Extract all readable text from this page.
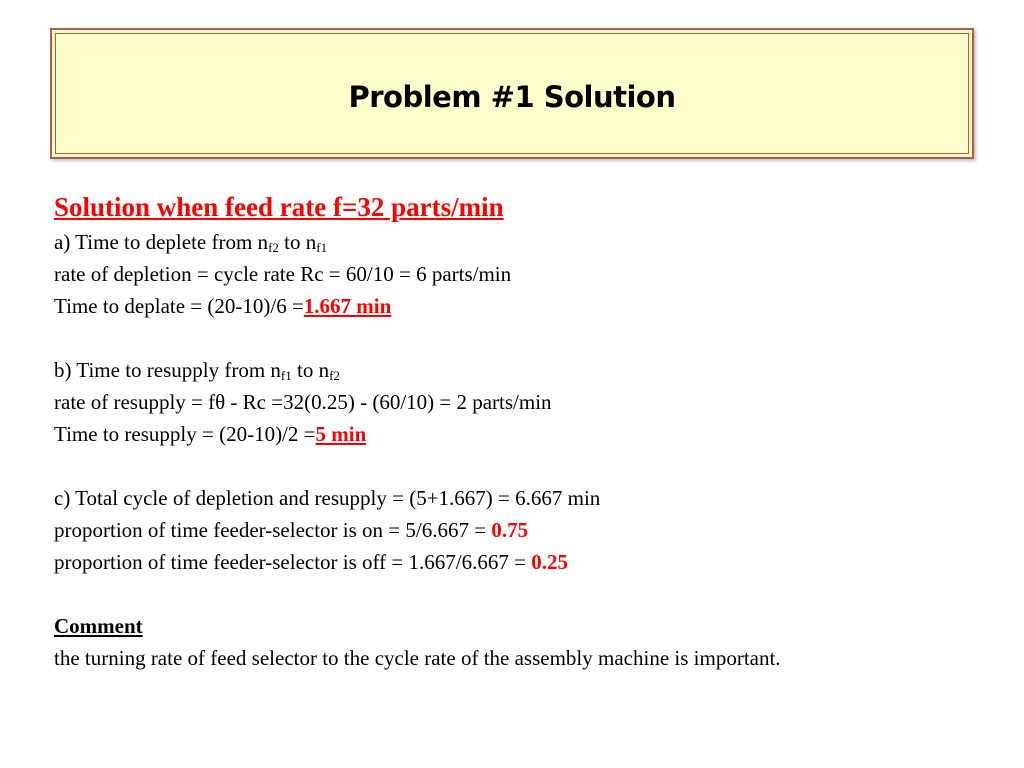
Problem #1 Solution
Solution when feed rate f=32 parts/min
a) Time to deplete from $n_{f2}$ to $n_{f1}$
rate of depletion = cycle rate Rc = 60/10 = 6 parts/min
Time to deplate = (20-10)/6 =1.667 min
b) Time to resupply from $n_{f1}$ to $n_{f2}$
rate of resupply = fθ - Rc =32(0.25) - (60/10) = 2 parts/min
Time to resupply = (20-10)/2 =5 min
c) Total cycle of depletion and resupply = (5+1.667) = 6.667 min
proportion of time feeder-selector is on = 5/6.667 = 0.75
proportion of time feeder-selector is off = 1.667/6.667 = 0.25
Comment
the turning rate of feed selector to the cycle rate of the assembly machine is important.
